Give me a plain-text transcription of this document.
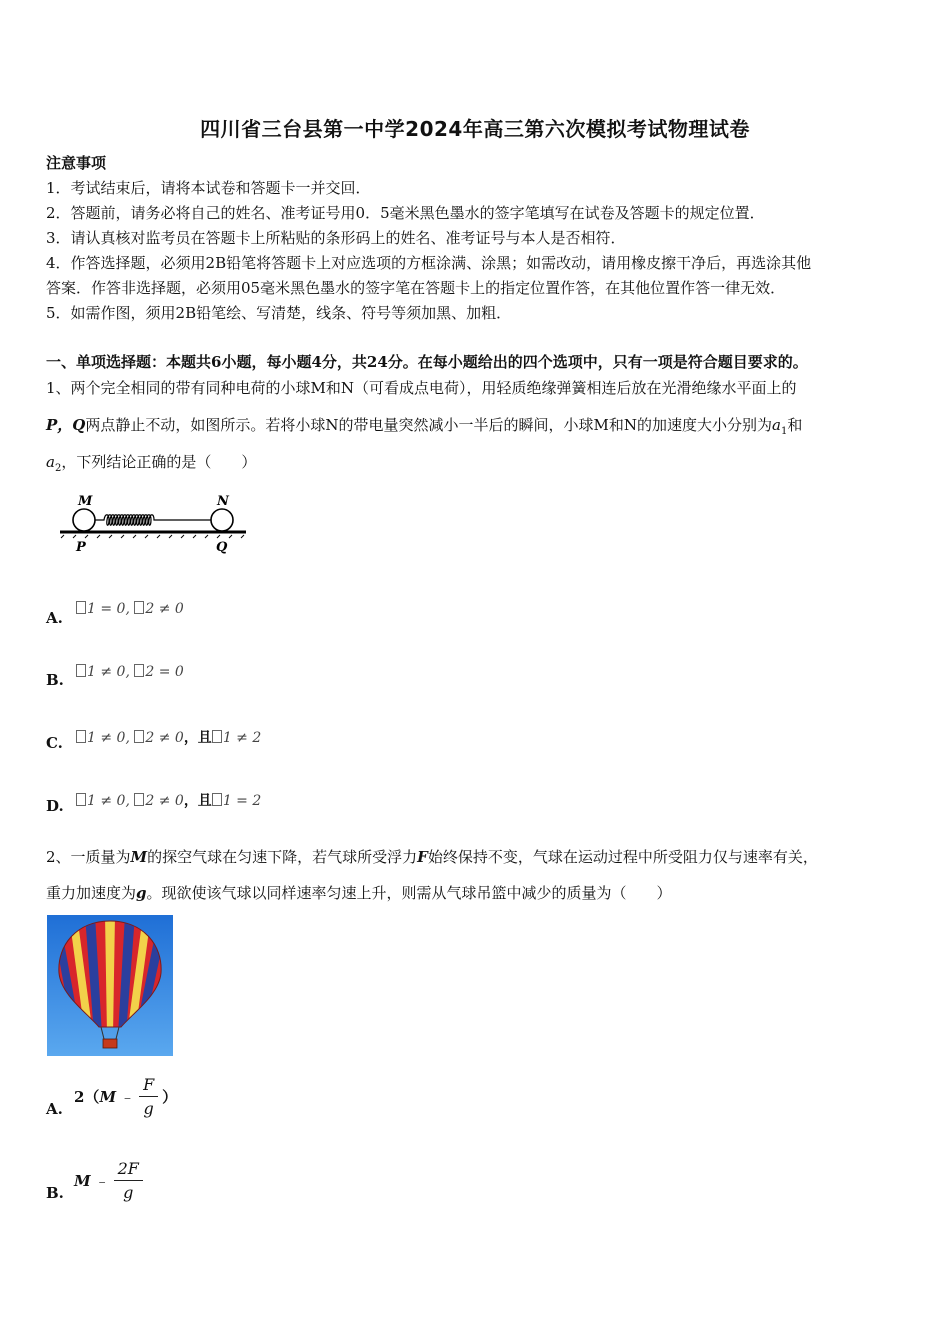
四川省三台县第一中学2024年高三第六次模拟考试物理试卷
注意事项
1．考试结束后，请将本试卷和答题卡一并交回．
2．答题前，请务必将自己的姓名、准考证号用0．5毫米黑色墨水的签字笔填写在试卷及答题卡的规定位置．
3．请认真核对监考员在答题卡上所粘贴的条形码上的姓名、准考证号与本人是否相符．
4．作答选择题，必须用2B铅笔将答题卡上对应选项的方框涂满、涂黑；如需改动，请用橡皮擦干净后，再选涂其他
答案．作答非选择题，必须用05毫米黑色墨水的签字笔在答题卡上的指定位置作答，在其他位置作答一律无效．
5．如需作图，须用2B铅笔绘、写清楚，线条、符号等须加黑、加粗．
一、单项选择题：本题共6小题，每小题4分，共24分。在每小题给出的四个选项中，只有一项是符合题目要求的。
1、两个完全相同的带有同种电荷的小球M和N（可看成点电荷），用轻质绝缘弹簧相连后放在光滑绝缘水平面上的
P，Q两点静止不动，如图所示。若将小球N的带电量突然减小一半后的瞬间，小球M和N的加速度大小分别为$a_1$和
$a_2$，下列结论正确的是（　　）
M	N
P	Q
A.	1 = 0, 2 ≠ 0
B.	1 ≠ 0, 2 = 0
C.	1 ≠ 0, 2 ≠ 0，且 1 ≠ 2
D.	1 ≠ 0, 2 ≠ 0，且 1 = 2
2、一质量为M的探空气球在匀速下降，若气球所受浮力F始终保持不变，气球在运动过程中所受阻力仅与速率有关，
重力加速度为g。现欲使该气球以同样速率匀速上升，则需从气球吊篮中减少的质量为（　　）
A.
2（ M ﹣ $\frac{F}{g}$ ）
B.
M ﹣ $\frac{2F}{g}$
